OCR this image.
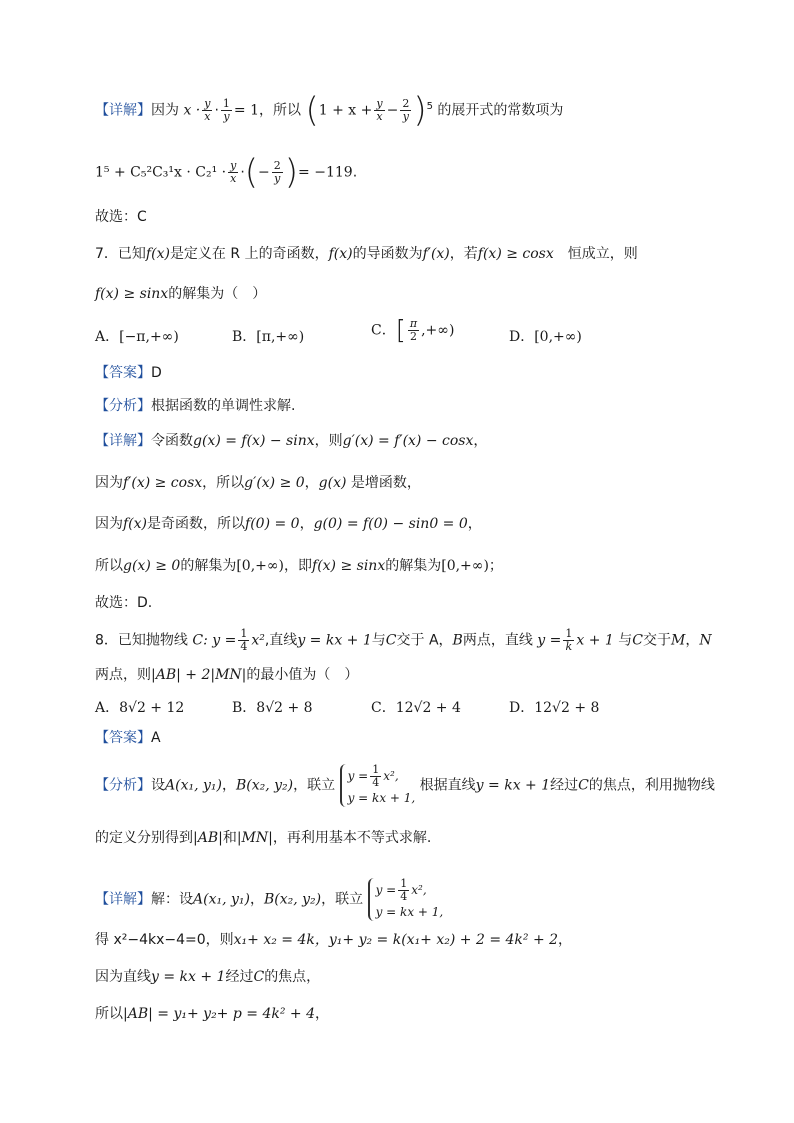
【详解】因为 $x \cdot \frac{y}{x} \cdot \frac{1}{y} = 1$，所以 $(1 + x + \frac{y}{x} - \frac{2}{y} )^5$ 的展开式的常数项为
$1^5 + C_5^2C_3^1x \cdot C_2^1 \cdot \frac{y}{x}$ ·(− $\frac{2}{y}$ )= −119.
故选：C
7．已知f(x)是定义在 R 上的奇函数，f(x)的导函数为f′(x)，若f(x) ≥ cosx　 恒成立，则
f(x) ≥ sinx的解集为（　）
A．[−π,+∞)	B．[π,+∞)	C．[ $\frac{\pi}{2}$ ,+∞)	D．[0,+∞)
【答案】D
【分析】根据函数的单调性求解.
【详解】令函数g(x) = f(x) − sinx，则g′(x) = f′(x) − cosx，
因为f′(x) ≥ cosx，所以g′(x) ≥ 0，g(x) 是增函数，
因为f(x)是奇函数，所以f(0) = 0，g(0) = f(0) − sin0 = 0，
所以g(x) ≥ 0的解集为[0,+∞)，即f(x) ≥ sinx的解集为[0,+∞)；
故选：D.
8．已知抛物线 C: $y = \frac{1}{4} x^2$,直线y = kx + 1与C交于 A，B两点，直线 $y = \frac{1}{k}$ x + 1 与C交于M，N
两点，则|AB| + 2|MN|的最小值为（　）
A．8√2 + 12	B．8√2 + 8	C．12√2 + 4	D．12√2 + 8
【答案】A
【分析】设A(x₁, y₁)，B(x₂, y₂)，联立
$y = \frac{1}{4} x^2$,
y = kx + 1,
根据直线y = kx + 1经过C的焦点，利用抛物线
的定义分别得到|AB|和|MN|，再利用基本不等式求解.
【详解】解：设A(x₁, y₁)，B(x₂, y₂)，联立
$y = \frac{1}{4} x^2$,
y = kx + 1,
得 x²−4kx−4=0，则x₁+ x₂ = 4k，y₁+ y₂ = k(x₁+ x₂) + 2 = 4k² + 2，
因为直线y = kx + 1经过C的焦点，
所以|AB| = y₁+ y₂+ p = 4k² + 4，
